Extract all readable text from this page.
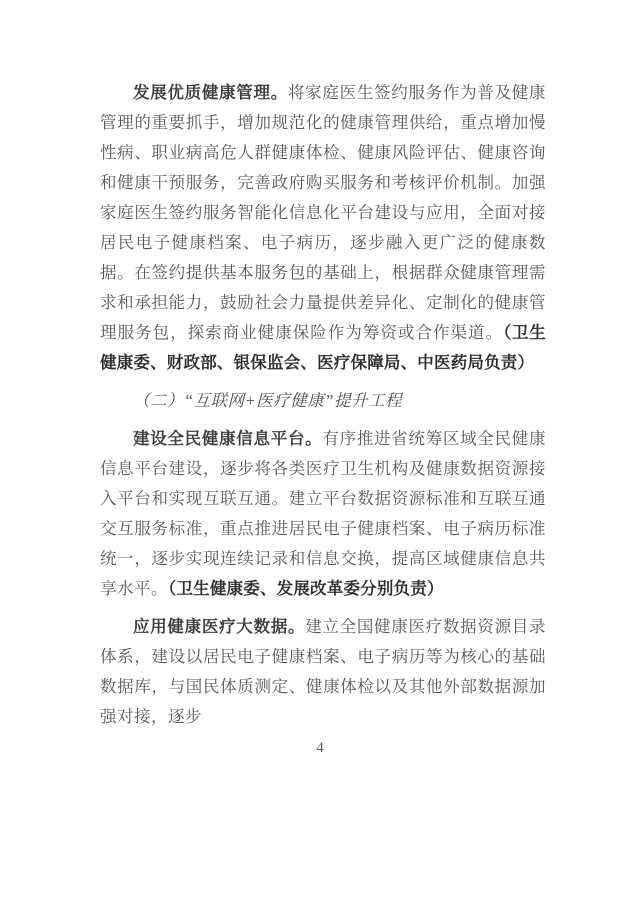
发展优质健康管理。将家庭医生签约服务作为普及健康管理的重要抓手，增加规范化的健康管理供给，重点增加慢性病、职业病高危人群健康体检、健康风险评估、健康咨询和健康干预服务，完善政府购买服务和考核评价机制。加强家庭医生签约服务智能化信息化平台建设与应用，全面对接居民电子健康档案、电子病历，逐步融入更广泛的健康数据。在签约提供基本服务包的基础上，根据群众健康管理需求和承担能力，鼓励社会力量提供差异化、定制化的健康管理服务包，探索商业健康保险作为筹资或合作渠道。（卫生健康委、财政部、银保监会、医疗保障局、中医药局负责）

（二）“互联网+医疗健康”提升工程

建设全民健康信息平台。有序推进省统筹区域全民健康信息平台建设，逐步将各类医疗卫生机构及健康数据资源接入平台和实现互联互通。建立平台数据资源标准和互联互通交互服务标准，重点推进居民电子健康档案、电子病历标准统一，逐步实现连续记录和信息交换，提高区域健康信息共享水平。（卫生健康委、发展改革委分别负责）

应用健康医疗大数据。建立全国健康医疗数据资源目录体系，建设以居民电子健康档案、电子病历等为核心的基础数据库，与国民体质测定、健康体检以及其他外部数据源加强对接，逐步

4
